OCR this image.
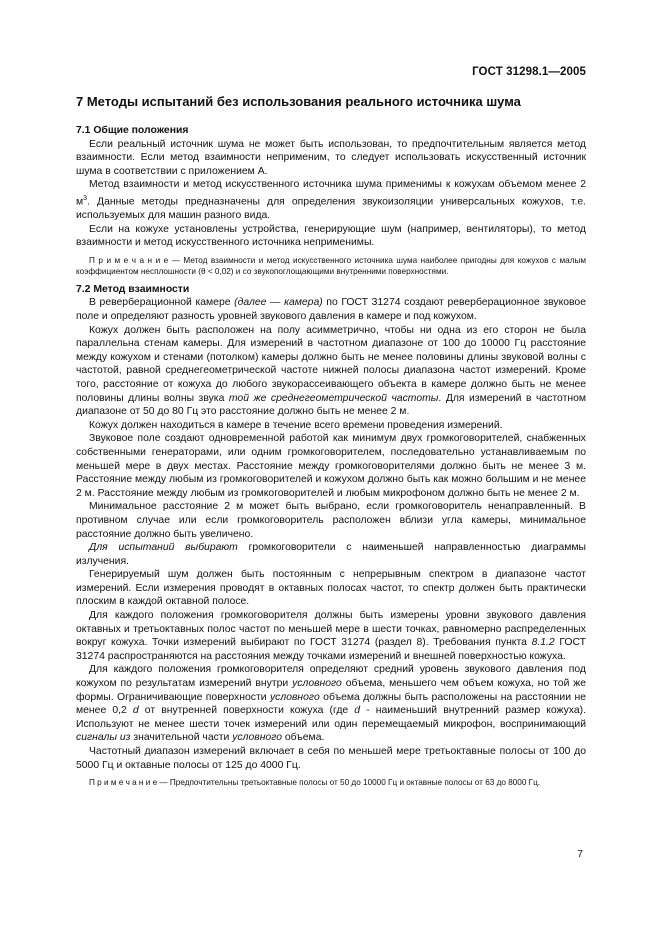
ГОСТ 31298.1—2005
7 Методы испытаний без использования реального источника шума
7.1 Общие положения

Если реальный источник шума не может быть использован, то предпочтительным является метод взаимности. Если метод взаимности неприменим, то следует использовать искусственный источник шума в соответствии с приложением А.

Метод взаимности и метод искусственного источника шума применимы к кожухам объемом менее 2 $м^3$. Данные методы предназначены для определения звукоизоляции универсальных кожухов, т.е. используемых для машин разного вида.

Если на кожухе установлены устройства, генерирующие шум (например, вентиляторы), то метод взаимности и метод искусственного источника неприменимы.

П р и м е ч а н и е — Метод взаимности и метод искусственного источника шума наиболее пригодны для кожухов с малым коэффициентом несплошности (θ < 0,02) и со звукопоглощающими внутренними поверхностями.

7.2 Метод взаимности

В реверберационной камере (далее — камера) по ГОСТ 31274 создают реверберационное звуковое поле и определяют разность уровней звукового давления в камере и под кожухом.

Кожух должен быть расположен на полу асимметрично, чтобы ни одна из его сторон не была параллельна стенам камеры. Для измерений в частотном диапазоне от 100 до 10000 Гц расстояние между кожухом и стенами (потолком) камеры должно быть не менее половины длины звуковой волны с частотой, равной среднегеометрической частоте нижней полосы диапазона частот измерений. Кроме того, расстояние от кожуха до любого звукорассеивающего объекта в камере должно быть не менее половины длины волны звука той же среднегеометрической частоты. Для измерений в частотном диапазоне от 50 до 80 Гц это расстояние должно быть не менее 2 м.

Кожух должен находиться в камере в течение всего времени проведения измерений.

Звуковое поле создают одновременной работой как минимум двух громкоговорителей, снабженных собственными генераторами, или одним громкоговорителем, последовательно устанавливаемым по меньшей мере в двух местах. Расстояние между громкоговорителями должно быть не менее 3 м. Расстояние между любым из громкоговорителей и кожухом должно быть как можно большим и не менее 2 м. Расстояние между любым из громкоговорителей и любым микрофоном должно быть не менее 2 м.

Минимальное расстояние 2 м может быть выбрано, если громкоговоритель ненаправленный. В противном случае или если громкоговоритель расположен вблизи угла камеры, минимальное расстояние должно быть увеличено.

Для испытаний выбирают громкоговорители с наименьшей направленностью диаграммы излучения.

Генерируемый шум должен быть постоянным с непрерывным спектром в диапазоне частот измерений. Если измерения проводят в октавных полосах частот, то спектр должен быть практически плоским в каждой октавной полосе.

Для каждого положения громкоговорителя должны быть измерены уровни звукового давления октавных и третьоктавных полос частот по меньшей мере в шести точках, равномерно распределенных вокруг кожуха. Точки измерений выбирают по ГОСТ 31274 (раздел 8). Требования пункта 8.1.2 ГОСТ 31274 распространяются на расстояния между точками измерений и внешней поверхностью кожуха.

Для каждого положения громкоговорителя определяют средний уровень звукового давления под кожухом по результатам измерений внутри условного объема, меньшего чем объем кожуха, но той же формы. Ограничивающие поверхности условного объема должны быть расположены на расстоянии не менее 0,2 d от внутренней поверхности кожуха (где d - наименьший внутренний размер кожуха). Используют не менее шести точек измерений или один перемещаемый микрофон, воспринимающий сигналы из значительной части условного объема.

Частотный диапазон измерений включает в себя по меньшей мере третьоктавные полосы от 100 до 5000 Гц и октавные полосы от 125 до 4000 Гц.

П р и м е ч а н и е — Предпочтительны третьоктавные полосы от 50 до 10000 Гц и октавные полосы от 63 до 8000 Гц.

7
